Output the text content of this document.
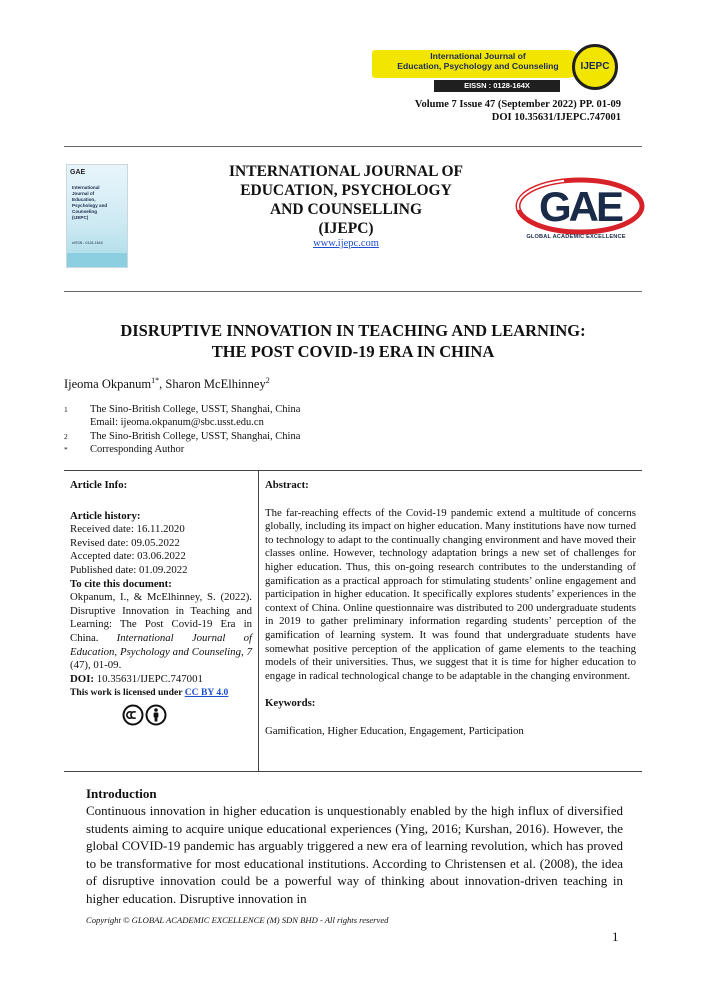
International Journal of
Education, Psychology and Counseling
EISSN : 0128-164X
IJEPC
Volume 7 Issue 47 (September 2022) PP. 01-09
DOI 10.35631/IJEPC.747001
GAE
International
Journal of
Education,
Psychology and
Counseling
(IJEPC)
eISSN : 0128-164X
INTERNATIONAL JOURNAL OF
EDUCATION, PSYCHOLOGY
AND COUNSELLING
(IJEPC)
www.ijepc.com
GAE
GLOBAL ACADEMIC EXCELLENCE
DISRUPTIVE INNOVATION IN TEACHING AND LEARNING:
THE POST COVID-19 ERA IN CHINA
Ijeoma Okpanum$^{1*}$, Sharon McElhinney$^2$
1	The Sino-British College, USST, Shanghai, China
Email: ijeoma.okpanum@sbc.usst.edu.cn
2	The Sino-British College, USST, Shanghai, China
*	Corresponding Author

Article Info:

Article history:

Received date: 16.11.2020

Revised date: 09.05.2022

Accepted date: 03.06.2022

Published date: 01.09.2022

To cite this document:

Okpanum, I., & McElhinney, S. (2022). Disruptive Innovation in Teaching and Learning: The Post Covid-19 Era in China. International Journal of Education, Psychology and Counseling, 7 (47), 01-09.

DOI: 10.35631/IJEPC.747001

This work is licensed under CC BY 4.0

Abstract:

The far-reaching effects of the Covid-19 pandemic extend a multitude of concerns globally, including its impact on higher education. Many institutions have now turned to technology to adapt to the continually changing environment and have moved their classes online. However, technology adaptation brings a new set of challenges for higher education. Thus, this on-going research contributes to the understanding of gamification as a practical approach for stimulating students’ online engagement and participation in higher education. It specifically explores students’ experiences in the context of China. Online questionnaire was distributed to 200 undergraduate students in 2019 to gather preliminary information regarding students’ perception of the gamification of learning system. It was found that undergraduate students have somewhat positive perception of the application of game elements to the teaching models of their universities. Thus, we suggest that it is time for higher education to engage in radical technological change to be adaptable in the changing environment.

Keywords:

Gamification, Higher Education, Engagement, Participation

Introduction
Continuous innovation in higher education is unquestionably enabled by the high influx of diversified students aiming to acquire unique educational experiences (Ying, 2016; Kurshan, 2016). However, the global COVID-19 pandemic has arguably triggered a new era of learning revolution, which has proved to be transformative for most educational institutions. According to Christensen et al. (2008), the idea of disruptive innovation could be a powerful way of thinking about innovation-driven teaching in higher education. Disruptive innovation in
Copyright © GLOBAL ACADEMIC EXCELLENCE (M) SDN BHD - All rights reserved
1
